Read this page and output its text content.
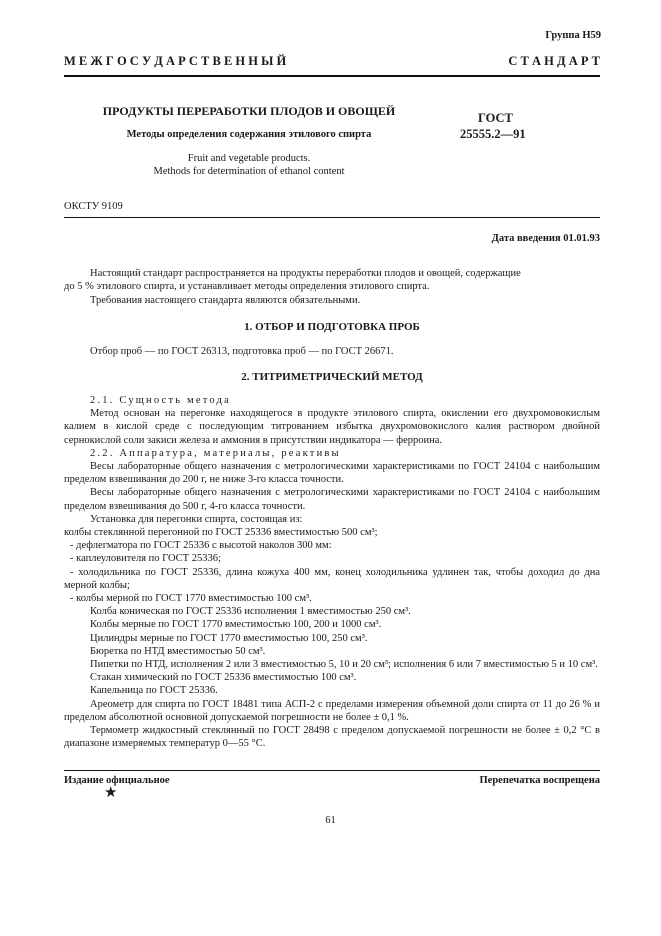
Группа Н59
М Е Ж Г О С У Д А Р С Т В Е Н Н Ы Й	С Т А Н Д А Р Т
ПРОДУКТЫ ПЕРЕРАБОТКИ ПЛОДОВ И ОВОЩЕЙ
Методы определения содержания этилового спирта
Fruit and vegetable products.
Methods for determination of ethanol content
ГОСТ
25555.2—91
ОКСТУ 9109
Дата введения 01.01.93

Настоящий стандарт распространяется на продукты переработки плодов и овощей, содержащие
до 5 % этилового спирта, и устанавливает методы определения этилового спирта.

Требования настоящего стандарта являются обязательными.

1. ОТБОР И ПОДГОТОВКА ПРОБ

Отбор проб — по ГОСТ 26313, подготовка проб — по ГОСТ 26671.

2. ТИТРИМЕТРИЧЕСКИЙ МЕТОД

2.1. Сущность метода

Метод основан на перегонке находящегося в продукте этилового спирта, окислении его двухромовокислым калием в кислой среде с последующим титрованием избытка двухромовокислого калия раствором двойной сернокислой соли закиси железа и аммония в присутствии индикатора — ферроина.

2.2. Аппаратура, материалы, реактивы

Весы лабораторные общего назначения с метрологическими характеристиками по ГОСТ 24104 с наибольшим пределом взвешивания до 200 г, не ниже 3-го класса точности.

Весы лабораторные общего назначения с метрологическими характеристиками по ГОСТ 24104 с наибольшим пределом взвешивания до 500 г, 4-го класса точности.

Установка для перегонки спирта, состоящая из:

колбы стеклянной перегонной по ГОСТ 25336 вместимостью 500 см³;

- дефлегматора по ГОСТ 25336 с высотой наколов 300 мм:

- каплеуловителя по ГОСТ 25336;

- холодильника по ГОСТ 25336, длина кожуха 400 мм, конец холодильника удлинен так, чтобы доходил до дна мерной колбы;

- колбы мерной по ГОСТ 1770 вместимостью 100 см³.

Колба коническая по ГОСТ 25336 исполнения 1 вместимостью 250 см³.

Колбы мерные по ГОСТ 1770 вместимостью 100, 200 и 1000 см³.

Цилиндры мерные по ГОСТ 1770 вместимостью 100, 250 см³.

Бюретка по НТД вместимостью 50 см³.

Пипетки по НТД, исполнения 2 или 3 вместимостью 5, 10 и 20 см³; исполнения 6 или 7 вместимостью 5 и 10 см³.

Стакан химический по ГОСТ 25336 вместимостью 100 см³.

Капельница по ГОСТ 25336.

Ареометр для спирта по ГОСТ 18481 типа АСП-2 с пределами измерения объемной доли спирта от 11 до 26 % и пределом абсолютной основной допускаемой погрешности не более ± 0,1 %.

Термометр жидкостный стеклянный по ГОСТ 28498 с пределом допускаемой погрешности не более ± 0,2 °С в диапазоне измеряемых температур 0—55 °С.

Издание официальное
★
Перепечатка воспрещена
61
